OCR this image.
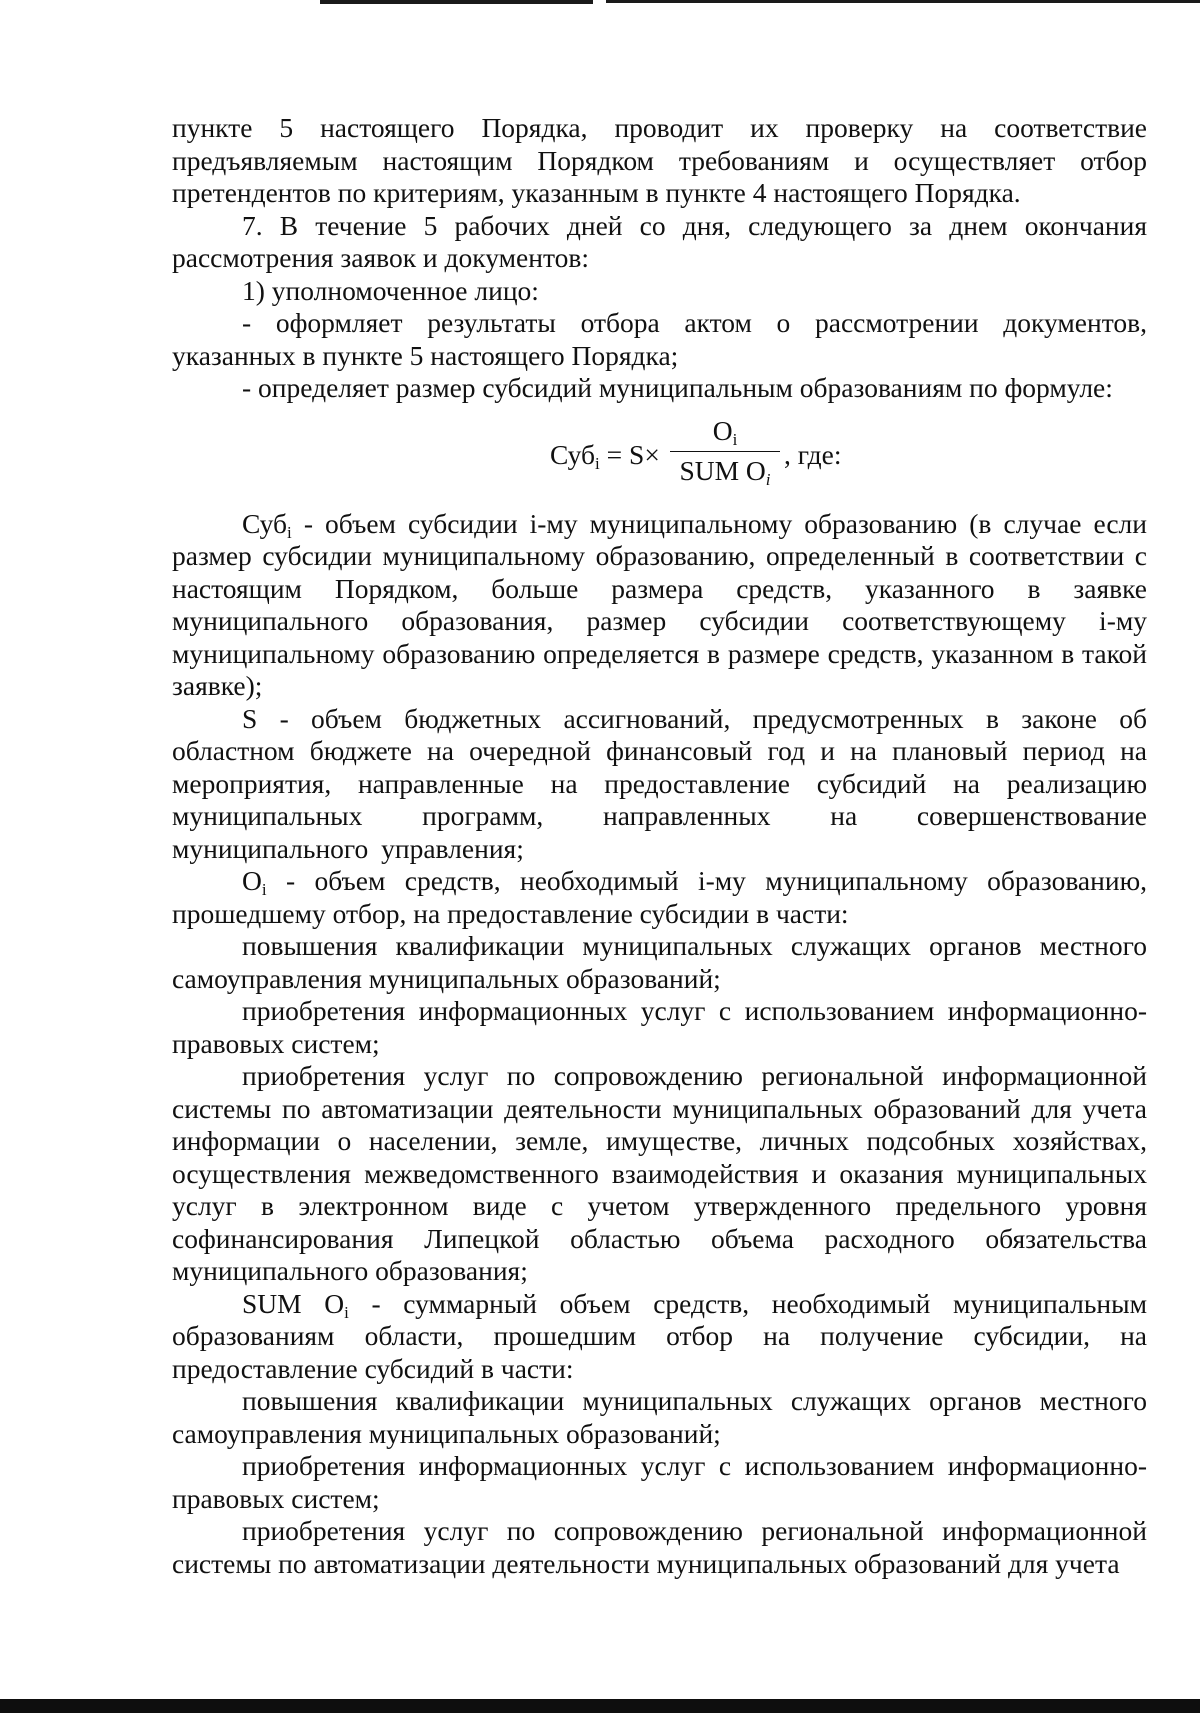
пункте 5 настоящего Порядка, проводит их проверку на соответствие предъявляемым настоящим Порядком требованиям и осуществляет отбор претендентов по критериям, указанным в пункте 4 настоящего Порядка.

7. В течение 5 рабочих дней со дня, следующего за днем окончания рассмотрения заявок и документов:

1) уполномоченное лицо:

- оформляет результаты отбора актом о рассмотрении документов, указанных в пункте 5 настоящего Порядка;

- определяет размер субсидий муниципальным образованиям по формуле:

Суб$_i$ = S×
$O_i$
SUM $O_i$
, где:

Суб$_i$ - объем субсидии i-му муниципальному образованию (в случае если размер субсидии муниципальному образованию, определенный в соответствии с настоящим Порядком, больше размера средств, указанного в заявке муниципального образования, размер субсидии соответствующему i-му муниципальному образованию определяется в размере средств, указанном в такой заявке);

S - объем бюджетных ассигнований, предусмотренных в законе об областном бюджете на очередной финансовый год и на плановый период на мероприятия, направленные на предоставление субсидий на реализацию муниципальных программ, направленных на совершенствование муниципального управления;

$O_i$ - объем средств, необходимый i-му муниципальному образованию, прошедшему отбор, на предоставление субсидии в части:

повышения квалификации муниципальных служащих органов местного самоуправления муниципальных образований;

приобретения информационных услуг с использованием информационно-правовых систем;

приобретения услуг по сопровождению региональной информационной системы по автоматизации деятельности муниципальных образований для учета информации о населении, земле, имуществе, личных подсобных хозяйствах, осуществления межведомственного взаимодействия и оказания муниципальных услуг в электронном виде с учетом утвержденного предельного уровня софинансирования Липецкой областью объема расходного обязательства муниципального образования;

SUM $O_i$ - суммарный объем средств, необходимый муниципальным образованиям области, прошедшим отбор на получение субсидии, на предоставление субсидий в части:

повышения квалификации муниципальных служащих органов местного самоуправления муниципальных образований;

приобретения информационных услуг с использованием информационно-правовых систем;

приобретения услуг по сопровождению региональной информационной системы по автоматизации деятельности муниципальных образований для учета
